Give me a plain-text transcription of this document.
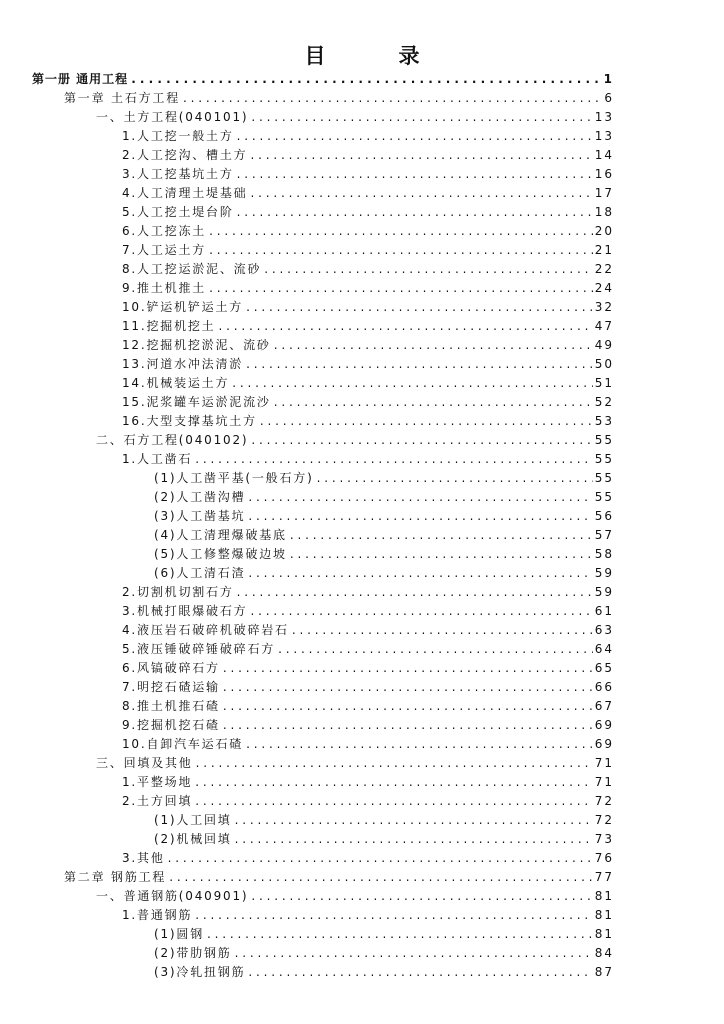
目　录
第一册 通用工程 . . .	1
第一章 土石方工程 . . .	6
一、土方工程(040101) . . .	13
1.人工挖一般土方 . . .	13
2.人工挖沟、槽土方 . . .	14
3.人工挖基坑土方 . . .	16
4.人工清理土堤基础 . . .	17
5.人工挖土堤台阶 . . .	18
6.人工挖冻土 . . .	20
7.人工运土方 . . .	21
8.人工挖运淤泥、流砂 . . .	22
9.推土机推土 . . .	24
10.铲运机铲运土方 . . .	32
11.挖掘机挖土 . . .	47
12.挖掘机挖淤泥、流砂 . . .	49
13.河道水冲法清淤 . . .	50
14.机械装运土方 . . .	51
15.泥浆罐车运淤泥流沙 . . .	52
16.大型支撑基坑土方 . . .	53
二、石方工程(040102) . . .	55
1.人工凿石 . . .	55
(1)人工凿平基(一般石方) . . .	55
(2)人工凿沟槽 . . .	55
(3)人工凿基坑 . . .	56
(4)人工清理爆破基底 . . .	57
(5)人工修整爆破边坡 . . .	58
(6)人工清石渣 . . .	59
2.切割机切割石方 . . .	59
3.机械打眼爆破石方 . . .	61
4.液压岩石破碎机破碎岩石 . . .	63
5.液压锤破碎锤破碎石方 . . .	64
6.风镐破碎石方 . . .	65
7.明挖石碴运输 . . .	66
8.推土机推石碴 . . .	67
9.挖掘机挖石碴 . . .	69
10.自卸汽车运石碴 . . .	69
三、回填及其他 . . .	71
1.平整场地 . . .	71
2.土方回填 . . .	72
(1)人工回填 . . .	72
(2)机械回填 . . .	73
3.其他 . . .	76
第二章 钢筋工程 . . .	77
一、普通钢筋(040901) . . .	81
1.普通钢筋 . . .	81
(1)圆钢 . . .	81
(2)带肋钢筋 . . .	84
(3)冷轧扭钢筋 . . .	87
